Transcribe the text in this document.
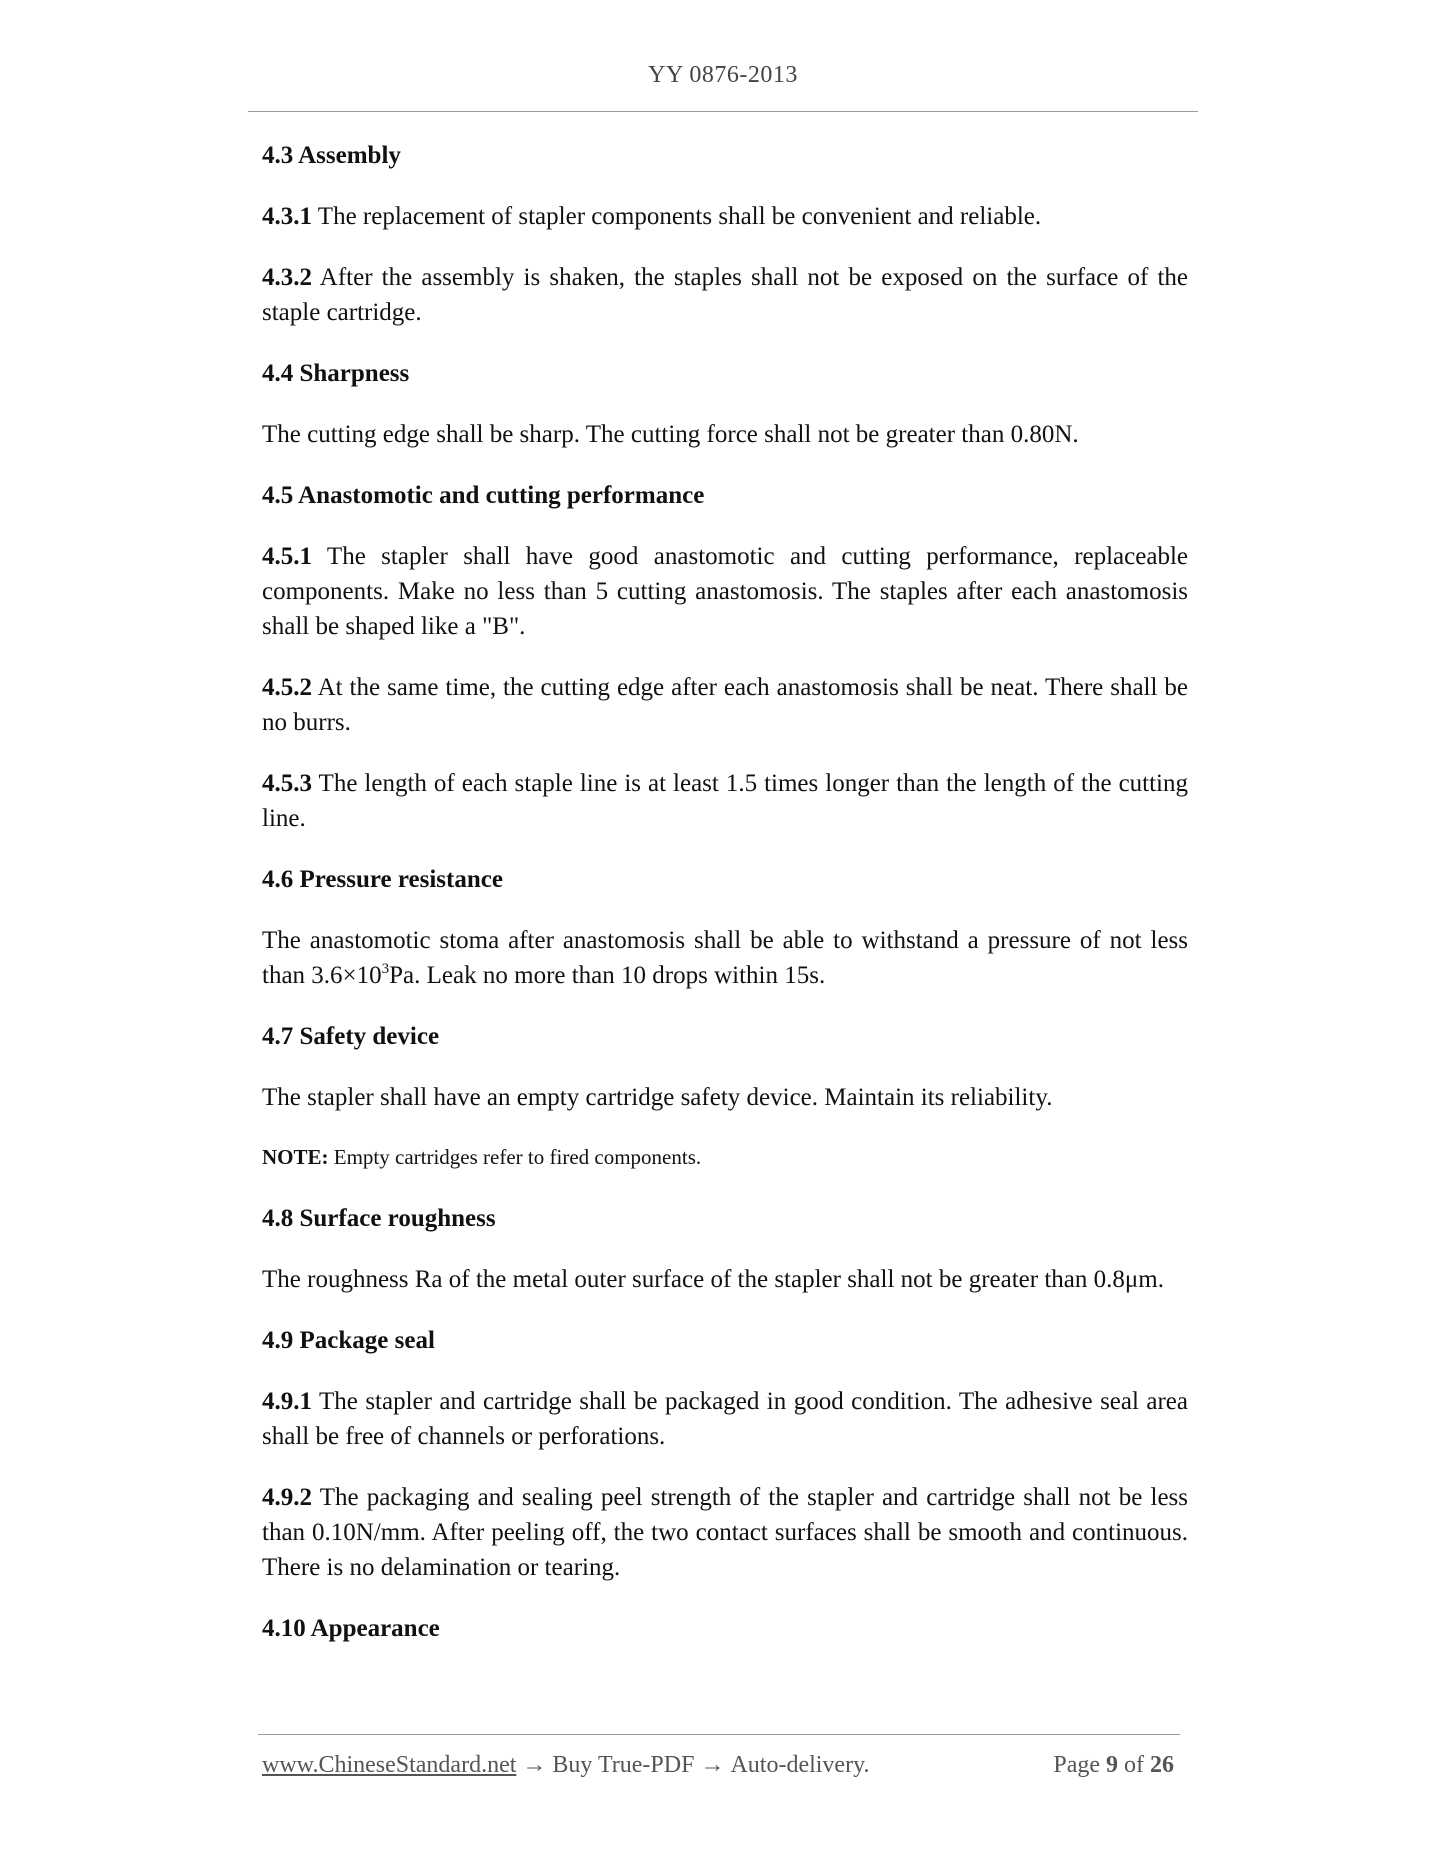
YY 0876-2013
4.3 Assembly

4.3.1 The replacement of stapler components shall be convenient and reliable.

4.3.2 After the assembly is shaken, the staples shall not be exposed on the surface of the staple cartridge.

4.4 Sharpness

The cutting edge shall be sharp. The cutting force shall not be greater than 0.80N.

4.5 Anastomotic and cutting performance

4.5.1 The stapler shall have good anastomotic and cutting performance, replaceable components. Make no less than 5 cutting anastomosis. The staples after each anastomosis shall be shaped like a "B".

4.5.2 At the same time, the cutting edge after each anastomosis shall be neat. There shall be no burrs.

4.5.3 The length of each staple line is at least 1.5 times longer than the length of the cutting line.

4.6 Pressure resistance

The anastomotic stoma after anastomosis shall be able to withstand a pressure of not less than $3.6\times 10^3Pa$. Leak no more than 10 drops within 15s.

4.7 Safety device

The stapler shall have an empty cartridge safety device. Maintain its reliability.

NOTE: Empty cartridges refer to fired components.

4.8 Surface roughness

The roughness Ra of the metal outer surface of the stapler shall not be greater than 0.8μm.

4.9 Package seal

4.9.1 The stapler and cartridge shall be packaged in good condition. The adhesive seal area shall be free of channels or perforations.

4.9.2 The packaging and sealing peel strength of the stapler and cartridge shall not be less than 0.10N/mm. After peeling off, the two contact surfaces shall be smooth and continuous. There is no delamination or tearing.

4.10 Appearance
www.ChineseStandard.net → Buy True-PDF → Auto-delivery.	Page 9 of 26
